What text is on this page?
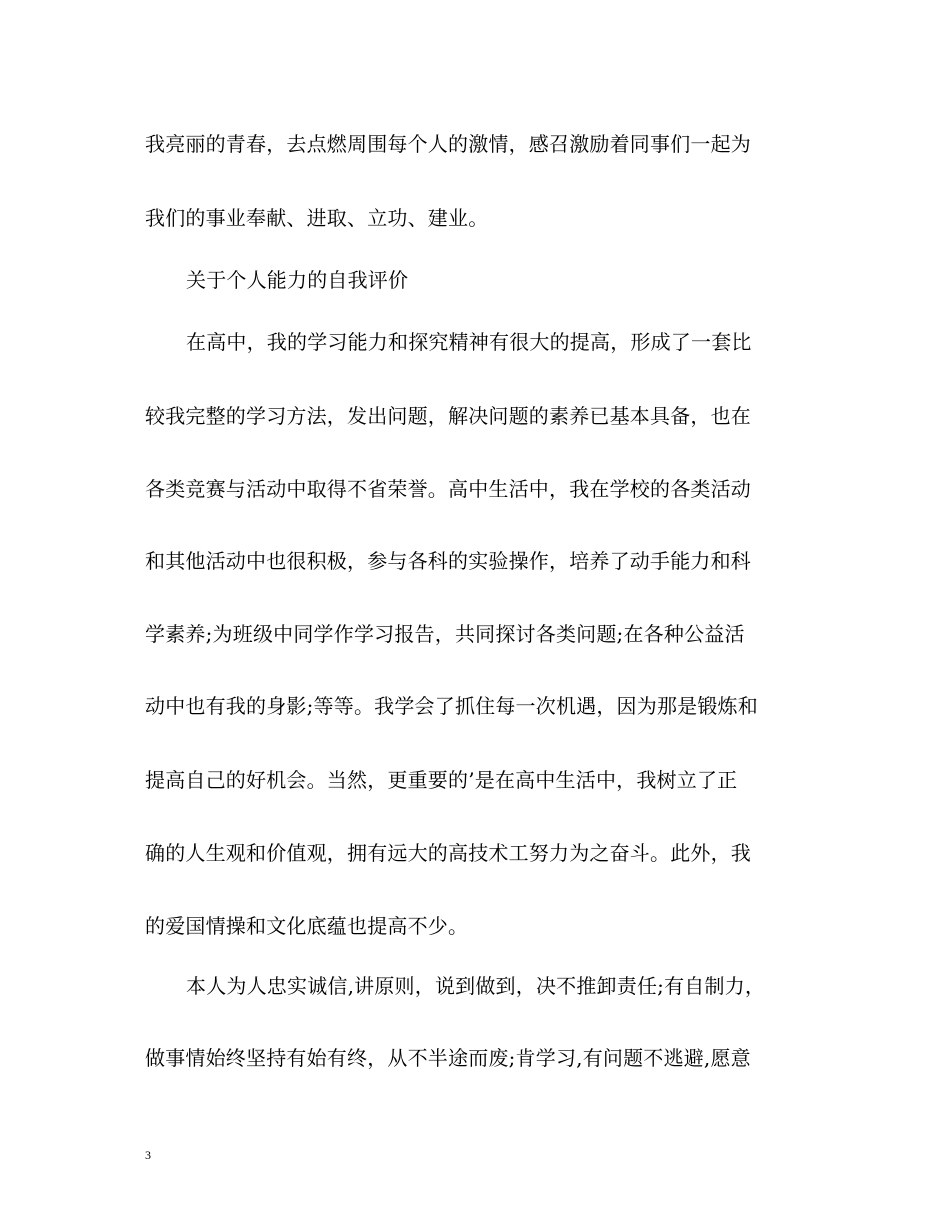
我亮丽的青春，去点燃周围每个人的激情，感召激励着同事们一起为
我们的事业奉献、进取、立功、建业。
关于个人能力的自我评价
在高中，我的学习能力和探究精神有很大的提高，形成了一套比
较我完整的学习方法，发出问题，解决问题的素养已基本具备，也在
各类竞赛与活动中取得不省荣誉。高中生活中，我在学校的各类活动
和其他活动中也很积极，参与各科的实验操作，培养了动手能力和科
学素养;为班级中同学作学习报告，共同探讨各类问题;在各种公益活
动中也有我的身影;等等。我学会了抓住每一次机遇，因为那是锻炼和
提高自己的好机会。当然，更重要的’是在高中生活中，我树立了正
确的人生观和价值观，拥有远大的高技术工努力为之奋斗。此外，我
的爱国情操和文化底蕴也提高不少。
本人为人忠实诚信,讲原则，说到做到，决不推卸责任;有自制力，
做事情始终坚持有始有终，从不半途而废;肯学习,有问题不逃避,愿意
3
